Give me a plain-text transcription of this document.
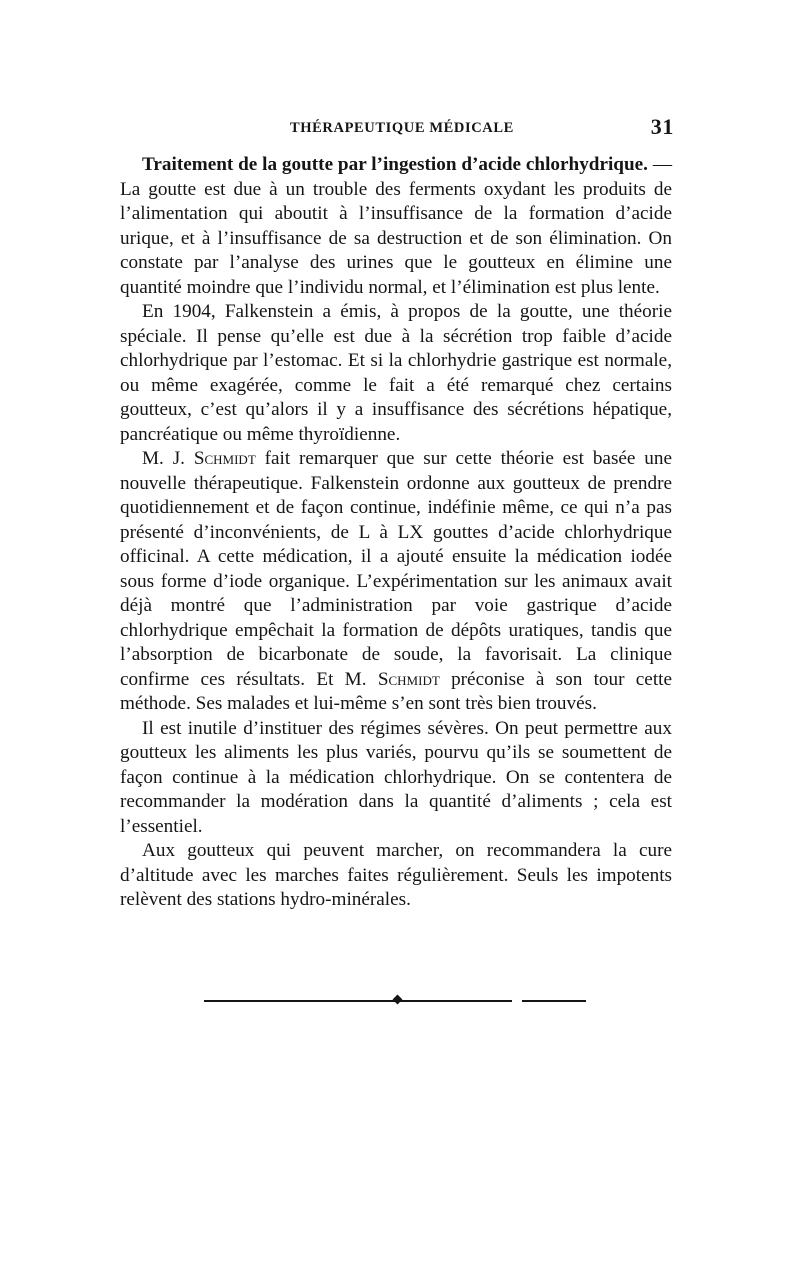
THÉRAPEUTIQUE MÉDICALE	31

Traitement de la goutte par l’ingestion d’acide chlorhydrique. — La goutte est due à un trouble des ferments oxydant les produits de l’alimentation qui aboutit à l’insuffisance de la formation d’acide urique, et à l’insuffisance de sa destruction et de son élimination. On constate par l’analyse des urines que le goutteux en élimine une quantité moindre que l’individu normal, et l’élimination est plus lente.

En 1904, Falkenstein a émis, à propos de la goutte, une théorie spéciale. Il pense qu’elle est due à la sécrétion trop faible d’acide chlorhydrique par l’estomac. Et si la chlorhydrie gastrique est normale, ou même exagérée, comme le fait a été remarqué chez certains goutteux, c’est qu’alors il y a insuffisance des sécrétions hépatique, pancréatique ou même thyroïdienne.

M. J. Schmidt fait remarquer que sur cette théorie est basée une nouvelle thérapeutique. Falkenstein ordonne aux goutteux de prendre quotidiennement et de façon continue, indéfinie même, ce qui n’a pas présenté d’inconvénients, de L à LX gouttes d’acide chlorhydrique officinal. A cette médication, il a ajouté ensuite la médication iodée sous forme d’iode organique. L’expérimentation sur les animaux avait déjà montré que l’administration par voie gastrique d’acide chlorhydrique empêchait la formation de dépôts uratiques, tandis que l’absorption de bicarbonate de soude, la favorisait. La clinique confirme ces résultats. Et M. Schmidt préconise à son tour cette méthode. Ses malades et lui-même s’en sont très bien trouvés.

Il est inutile d’instituer des régimes sévères. On peut permettre aux goutteux les aliments les plus variés, pourvu qu’ils se soumettent de façon continue à la médication chlorhydrique. On se contentera de recommander la modération dans la quantité d’aliments ; cela est l’essentiel.

Aux goutteux qui peuvent marcher, on recommandera la cure d’altitude avec les marches faites régulièrement. Seuls les impotents relèvent des stations hydro-minérales.
